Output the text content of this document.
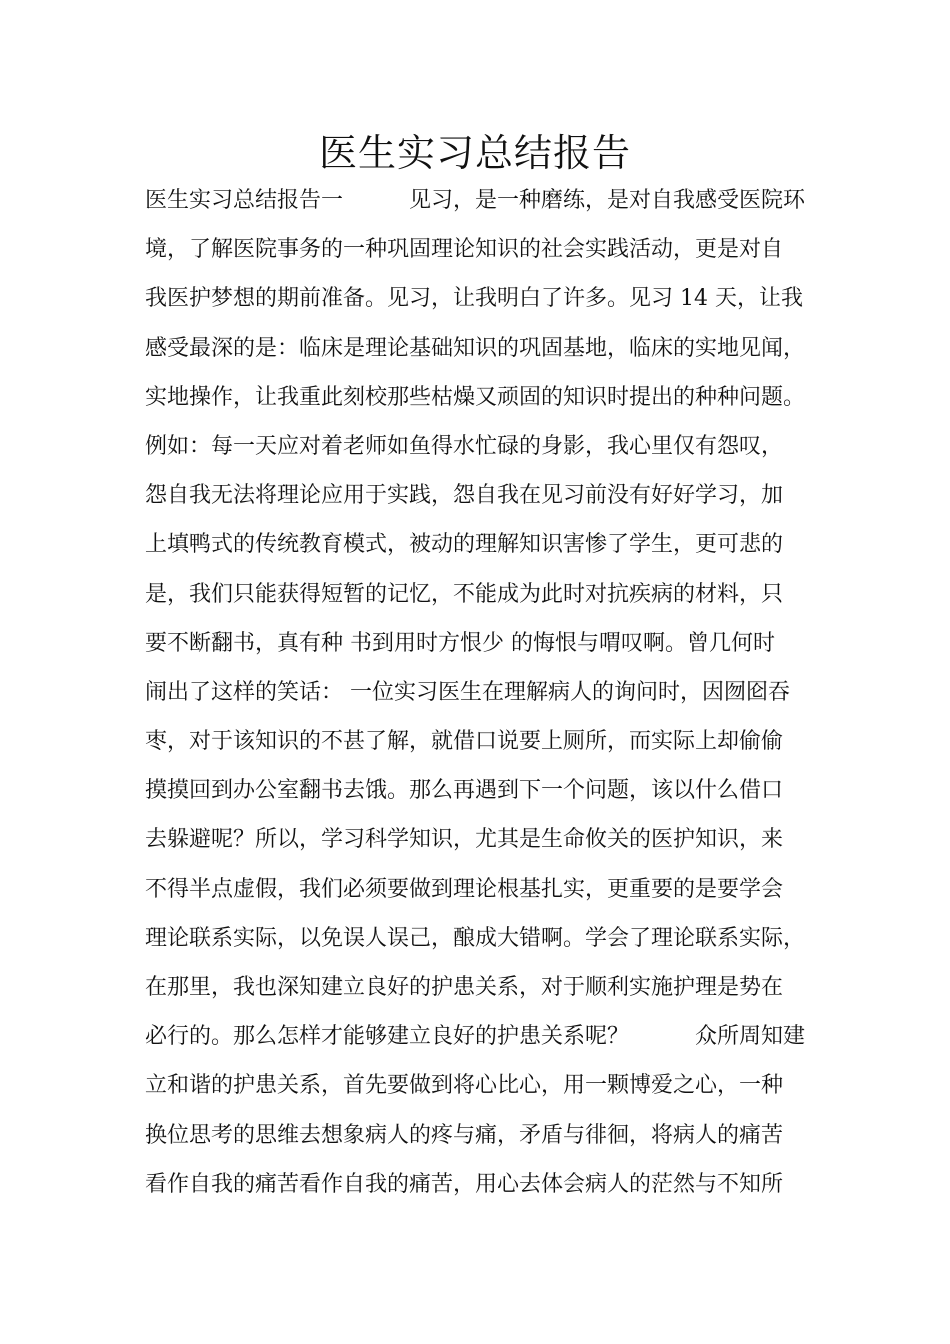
医生实习总结报告
医生实习总结报告一　　　见习，是一种磨练，是对自我感受医院环
境，了解医院事务的一种巩固理论知识的社会实践活动，更是对自
我医护梦想的期前准备。见习，让我明白了许多。见习 14 天，让我
感受最深的是：临床是理论基础知识的巩固基地，临床的实地见闻，
实地操作，让我重此刻校那些枯燥又顽固的知识时提出的种种问题。
例如：每一天应对着老师如鱼得水忙碌的身影，我心里仅有怨叹，
怨自我无法将理论应用于实践，怨自我在见习前没有好好学习，加
上填鸭式的传统教育模式，被动的理解知识害惨了学生，更可悲的
是，我们只能获得短暂的记忆，不能成为此时对抗疾病的材料，只
要不断翻书，真有种 书到用时方恨少 的悔恨与喟叹啊。曾几何时
闹出了这样的笑话： 一位实习医生在理解病人的询问时，因囫囵吞
枣，对于该知识的不甚了解，就借口说要上厕所，而实际上却偷偷
摸摸回到办公室翻书去饿。那么再遇到下一个问题，该以什么借口
去躲避呢？所以，学习科学知识，尤其是生命攸关的医护知识，来
不得半点虚假，我们必须要做到理论根基扎实，更重要的是要学会
理论联系实际，以免误人误己，酿成大错啊。学会了理论联系实际，
在那里，我也深知建立良好的护患关系，对于顺利实施护理是势在
必行的。那么怎样才能够建立良好的护患关系呢？　　　众所周知建
立和谐的护患关系，首先要做到将心比心，用一颗博爱之心，一种
换位思考的思维去想象病人的疼与痛，矛盾与徘徊，将病人的痛苦
看作自我的痛苦看作自我的痛苦，用心去体会病人的茫然与不知所
